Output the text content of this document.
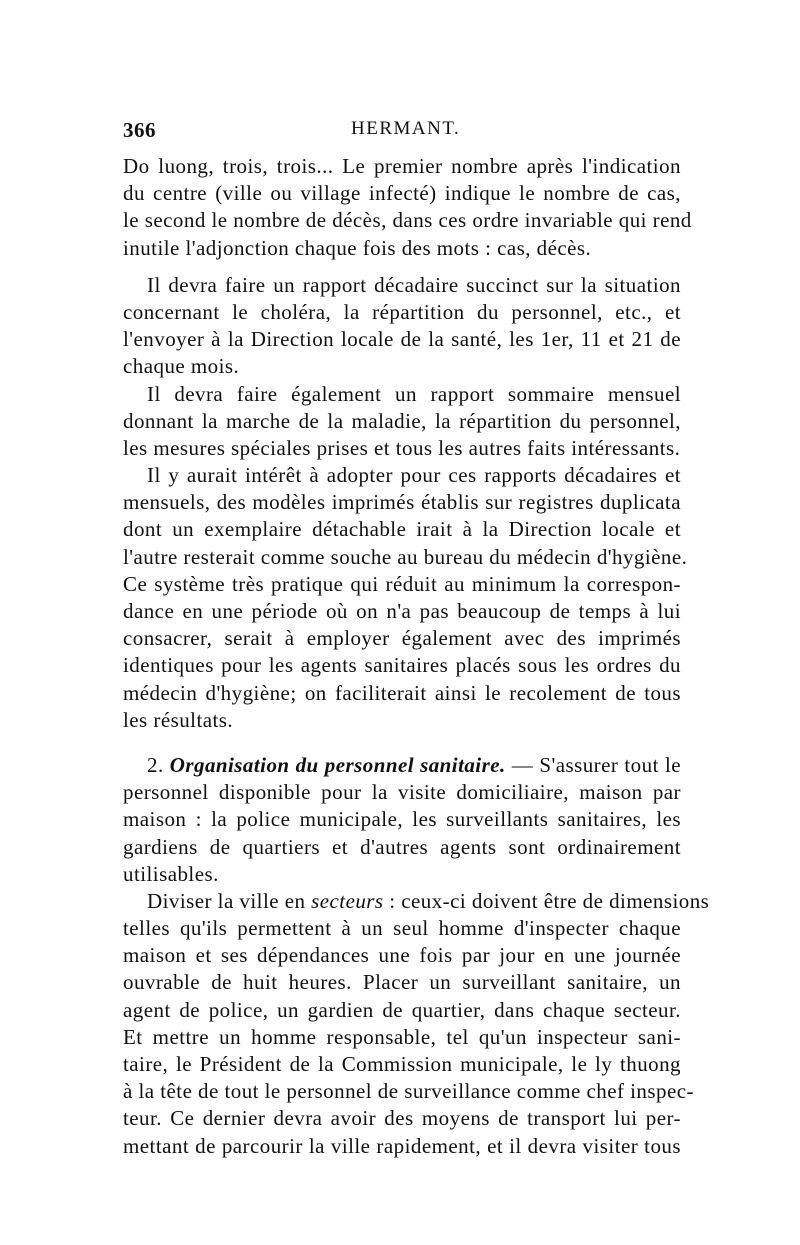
366	HERMANT.
Do luong, trois, trois... Le premier nombre après l'indication
du centre (ville ou village infecté) indique le nombre de cas,
le second le nombre de décès, dans ces ordre invariable qui rend
inutile l'adjonction chaque fois des mots : cas, décès.
Il devra faire un rapport décadaire succinct sur la situation
concernant le choléra, la répartition du personnel, etc., et
l'envoyer à la Direction locale de la santé, les 1er, 11 et 21 de
chaque mois.
Il devra faire également un rapport sommaire mensuel
donnant la marche de la maladie, la répartition du personnel,
les mesures spéciales prises et tous les autres faits intéressants.
Il y aurait intérêt à adopter pour ces rapports décadaires et
mensuels, des modèles imprimés établis sur registres duplicata
dont un exemplaire détachable irait à la Direction locale et
l'autre resterait comme souche au bureau du médecin d'hygiène.
Ce système très pratique qui réduit au minimum la correspon-
dance en une période où on n'a pas beaucoup de temps à lui
consacrer, serait à employer également avec des imprimés
identiques pour les agents sanitaires placés sous les ordres du
médecin d'hygiène; on faciliterait ainsi le recolement de tous
les résultats.
2. Organisation du personnel sanitaire. — S'assurer tout le
personnel disponible pour la visite domiciliaire, maison par
maison : la police municipale, les surveillants sanitaires, les
gardiens de quartiers et d'autres agents sont ordinairement
utilisables.
Diviser la ville en secteurs : ceux-ci doivent être de dimensions
telles qu'ils permettent à un seul homme d'inspecter chaque
maison et ses dépendances une fois par jour en une journée
ouvrable de huit heures. Placer un surveillant sanitaire, un
agent de police, un gardien de quartier, dans chaque secteur.
Et mettre un homme responsable, tel qu'un inspecteur sani-
taire, le Président de la Commission municipale, le ly thuong
à la tête de tout le personnel de surveillance comme chef inspec-
teur. Ce dernier devra avoir des moyens de transport lui per-
mettant de parcourir la ville rapidement, et il devra visiter tous
